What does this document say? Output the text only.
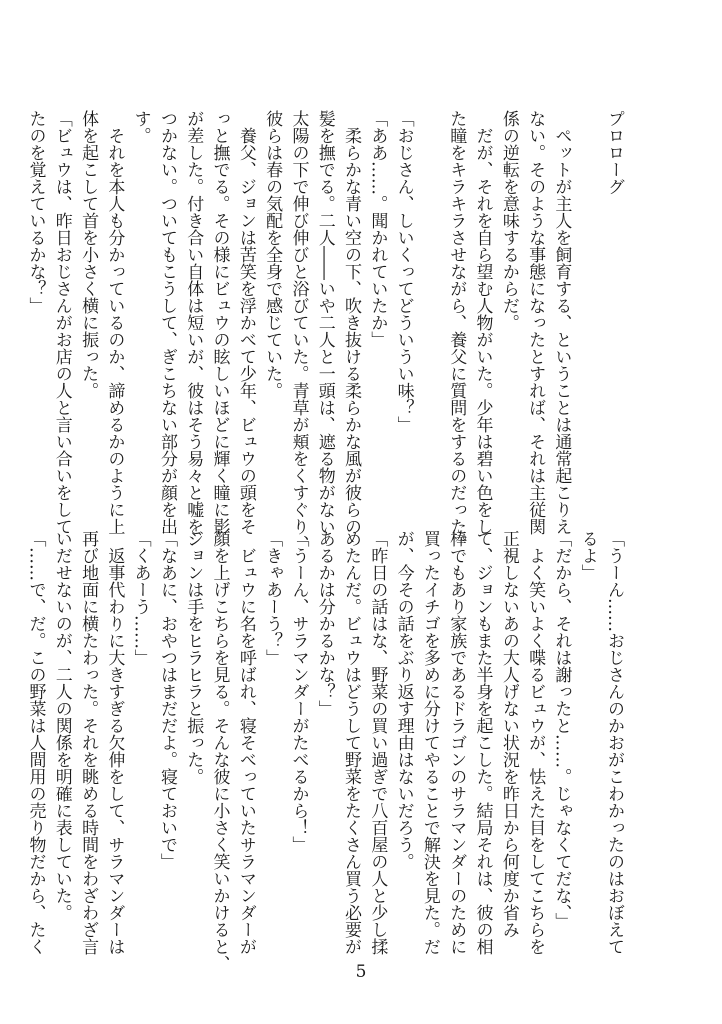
プロローグ
　ペットが主人を飼育する、ということは通常起こりえ
ない。そのような事態になったとすれば、それは主従関
係の逆転を意味するからだ。
　だが、それを自ら望む人物がいた。少年は碧い色をし
た瞳をキラキラさせながら、養父に質問をするのだった。
「おじさん、しいくってどういうい味？」
「ああ……。聞かれていたか」
　柔らかな青い空の下、吹き抜ける柔らかな風が彼らの
髪を撫でる。二人――いや二人と一頭は、遮る物がない
太陽の下で伸び伸びと浴びていた。青草が頬をくすぐり、
彼らは春の気配を全身で感じていた。
　養父、ジョンは苦笑を浮かべて少年、ビュウの頭をそ
っと撫でる。その様にビュウの眩しいほどに輝く瞳に影
が差した。付き合い自体は短いが、彼はそう易々と嘘を
つかない。ついてもこうして、ぎこちない部分が顔を出
す。
　それを本人も分かっているのか、諦めるかのように上
体を起こして首を小さく横に振った。
「ビュウは、昨日おじさんがお店の人と言い合いをして
たのを覚えているかな？」
「うーん……おじさんのかおがこわかったのはおぼえて
るよ」
「だから、それは謝ったと……。じゃなくてだな、」
　よく笑いよく喋るビュウが、怯えた目をしてこちらを
正視しないあの大人げない状況を昨日から何度か省み
て、ジョンもまた半身を起こした。結局それは、彼の相
棒でもあり家族であるドラゴンのサラマンダーのために
買ったイチゴを多めに分けてやることで解決を見た。だ
が、今その話をぶり返す理由はないだろう。
「昨日の話はな、野菜の買い過ぎで八百屋の人と少し揉
めたんだ。ビュウはどうして野菜をたくさん買う必要が
あるかは分かるかな？」
「うーん、サラマンダーがたべるから！」
「きゃあーう？」
　ビュウに名を呼ばれ、寝そべっていたサラマンダーが
顔を上げこちらを見る。そんな彼に小さく笑いかけると、
ジョンは手をヒラヒラと振った。
「なあに、おやつはまだだよ。寝ておいで」
「くあーう……」
　返事代わりに大きすぎる欠伸をして、サラマンダーは
再び地面に横たわった。それを眺める時間をわざわざ言
いだせないのが、二人の関係を明確に表していた。
「……で、だ。この野菜は人間用の売り物だから、たく
5
